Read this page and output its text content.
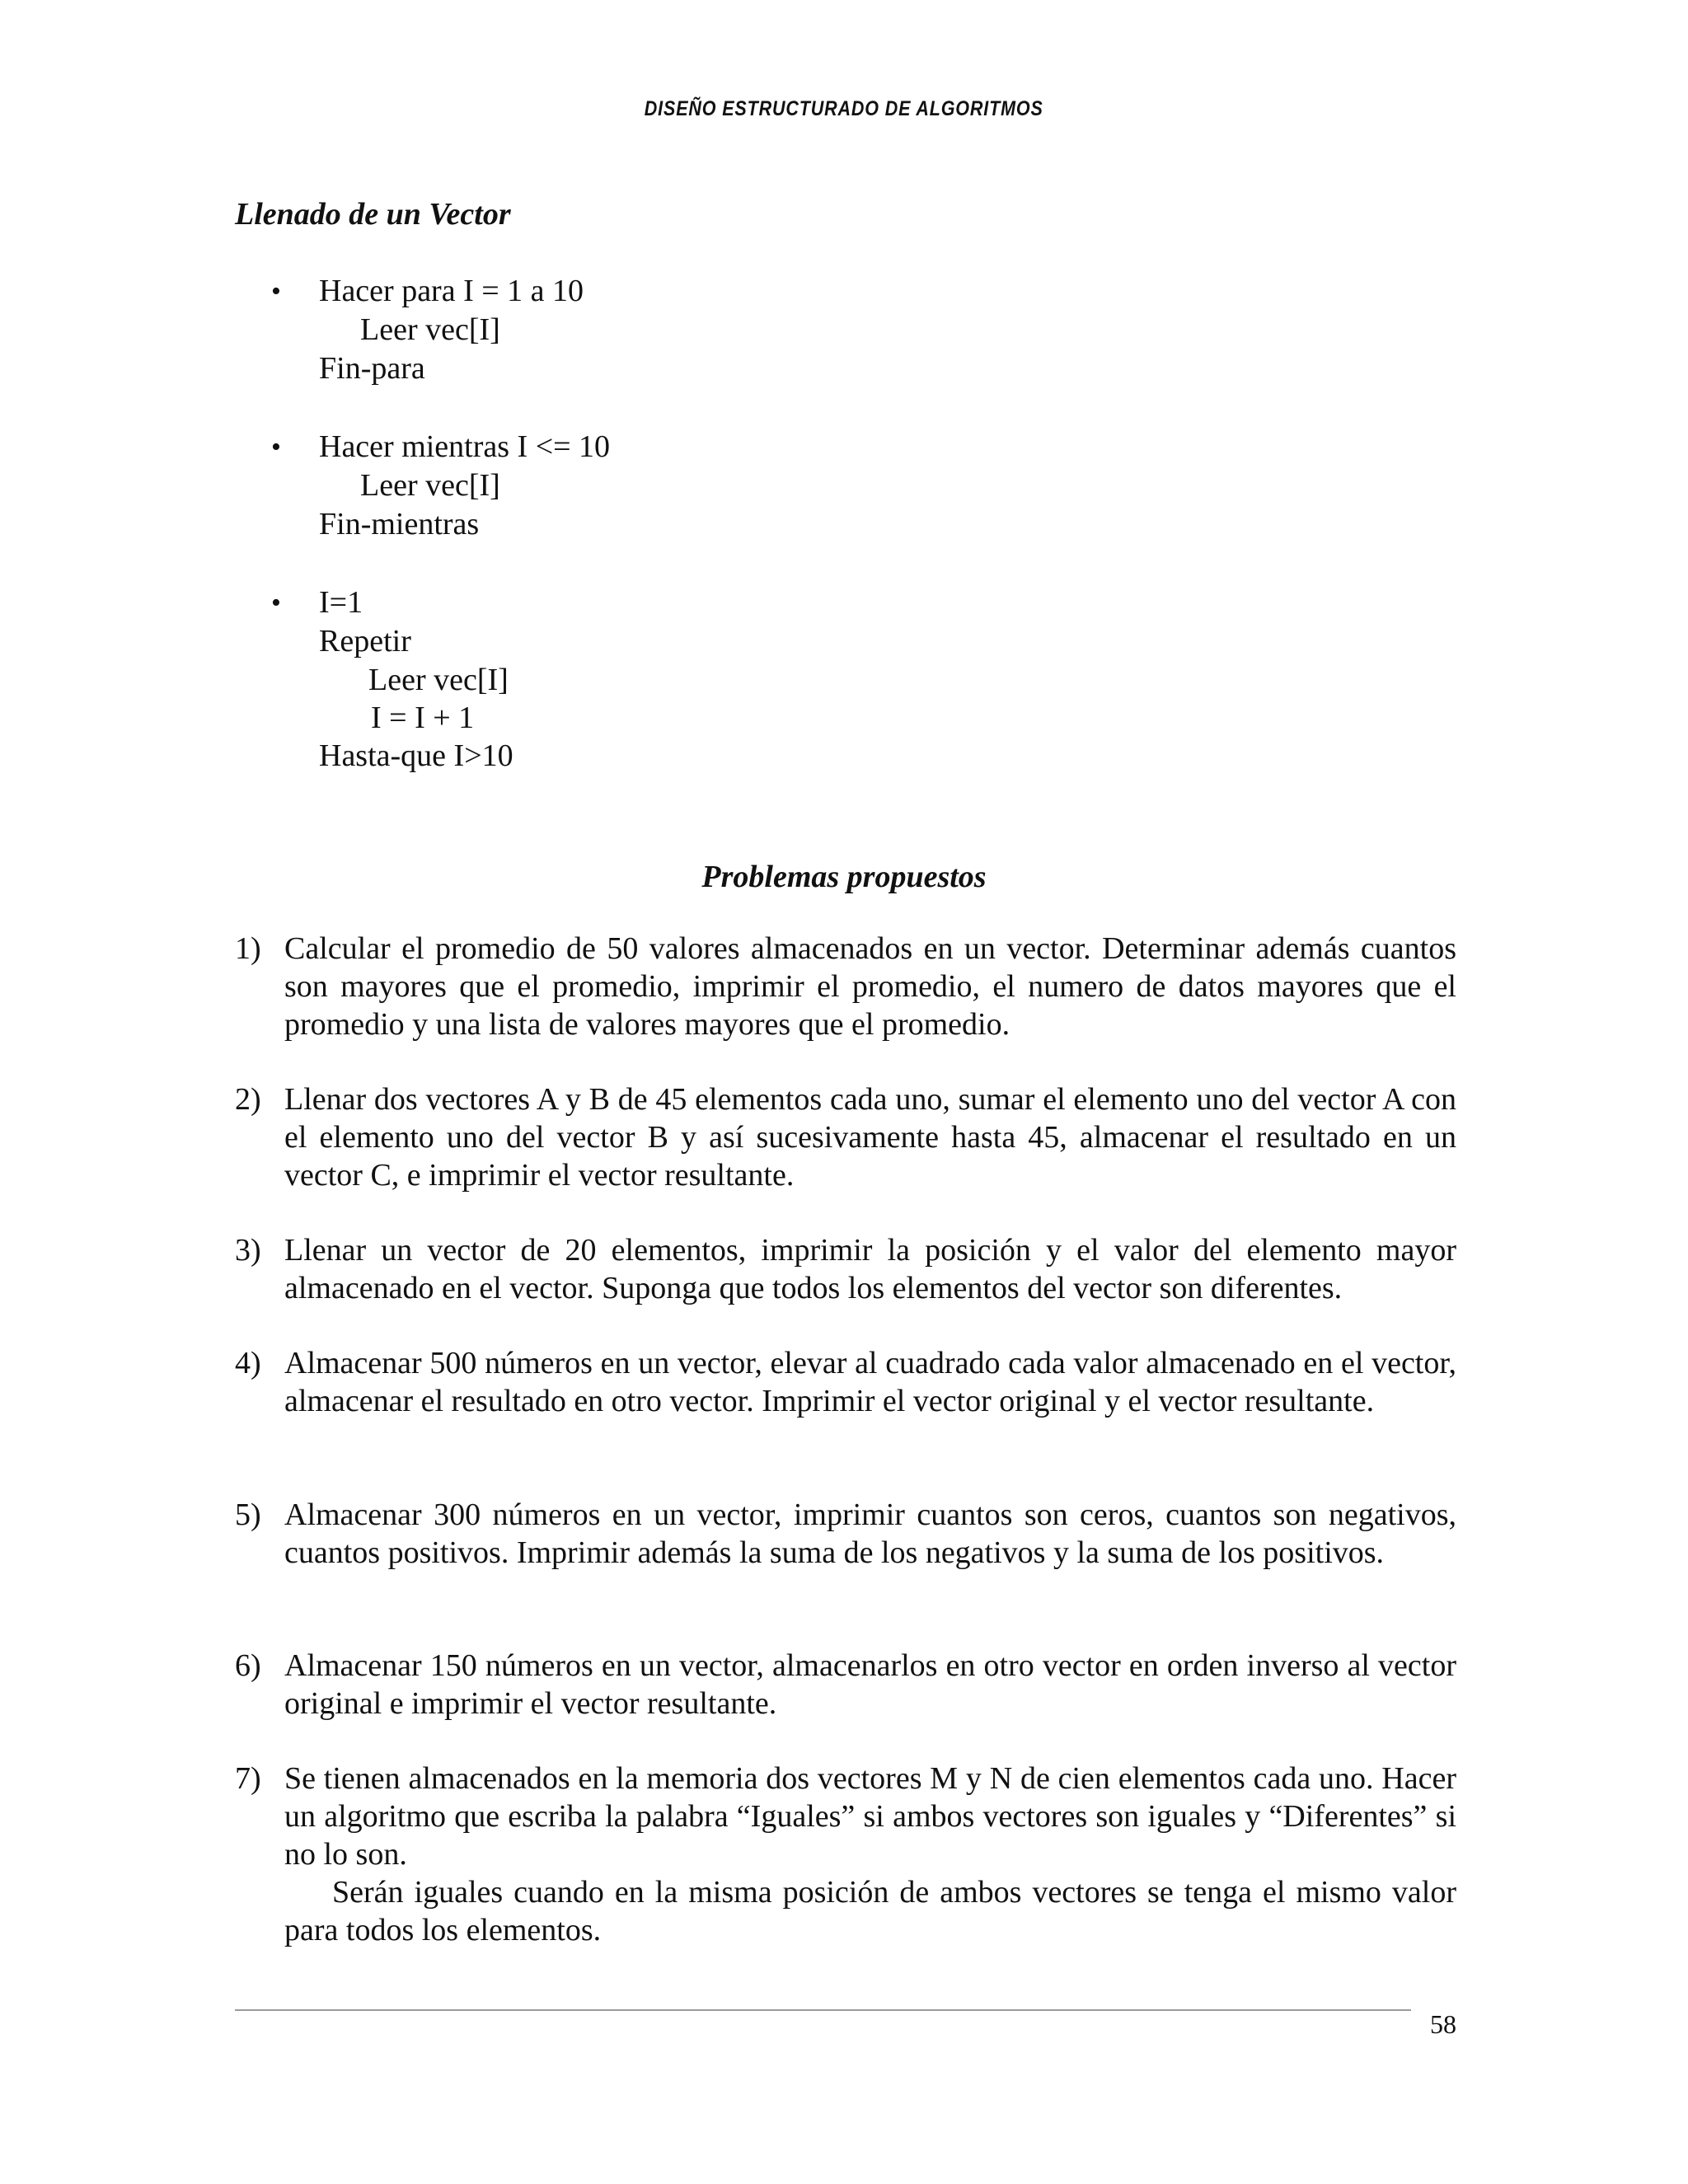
DISEÑO ESTRUCTURADO DE ALGORITMOS
Llenado de un Vector
• Hacer para I = 1 a 10
Leer vec[I]
Fin-para
• Hacer mientras I <= 10
Leer vec[I]
Fin-mientras
• I=1
Repetir
Leer vec[I]
I = I + 1
Hasta-que I>10
Problemas propuestos
1) Calcular el promedio de 50 valores almacenados en un vector. Determinar además cuantos son mayores que el promedio, imprimir el promedio, el numero de datos mayores que el promedio y una lista de valores mayores que el promedio.
2) Llenar dos vectores A y B de 45 elementos cada uno, sumar el elemento uno del vector A con el elemento uno del vector B y así sucesivamente hasta 45, almacenar el resultado en un vector C, e imprimir el vector resultante.
3) Llenar un vector de 20 elementos, imprimir la posición y el valor del elemento mayor almacenado en el vector. Suponga que todos los elementos del vector son diferentes.
4) Almacenar 500 números en un vector, elevar al cuadrado cada valor almacenado en el vector, almacenar el resultado en otro vector. Imprimir el vector original y el vector resultante.
5) Almacenar 300 números en un vector, imprimir cuantos son ceros, cuantos son negativos, cuantos positivos. Imprimir además la suma de los negativos y la suma de los positivos.
6) Almacenar 150 números en un vector, almacenarlos en otro vector en orden inverso al vector original e imprimir el vector resultante.
7) Se tienen almacenados en la memoria dos vectores M y N de cien elementos cada uno. Hacer un algoritmo que escriba la palabra “Iguales” si ambos vectores son iguales y “Diferentes” si no lo son.
Serán iguales cuando en la misma posición de ambos vectores se tenga el mismo valor para todos los elementos.
58
